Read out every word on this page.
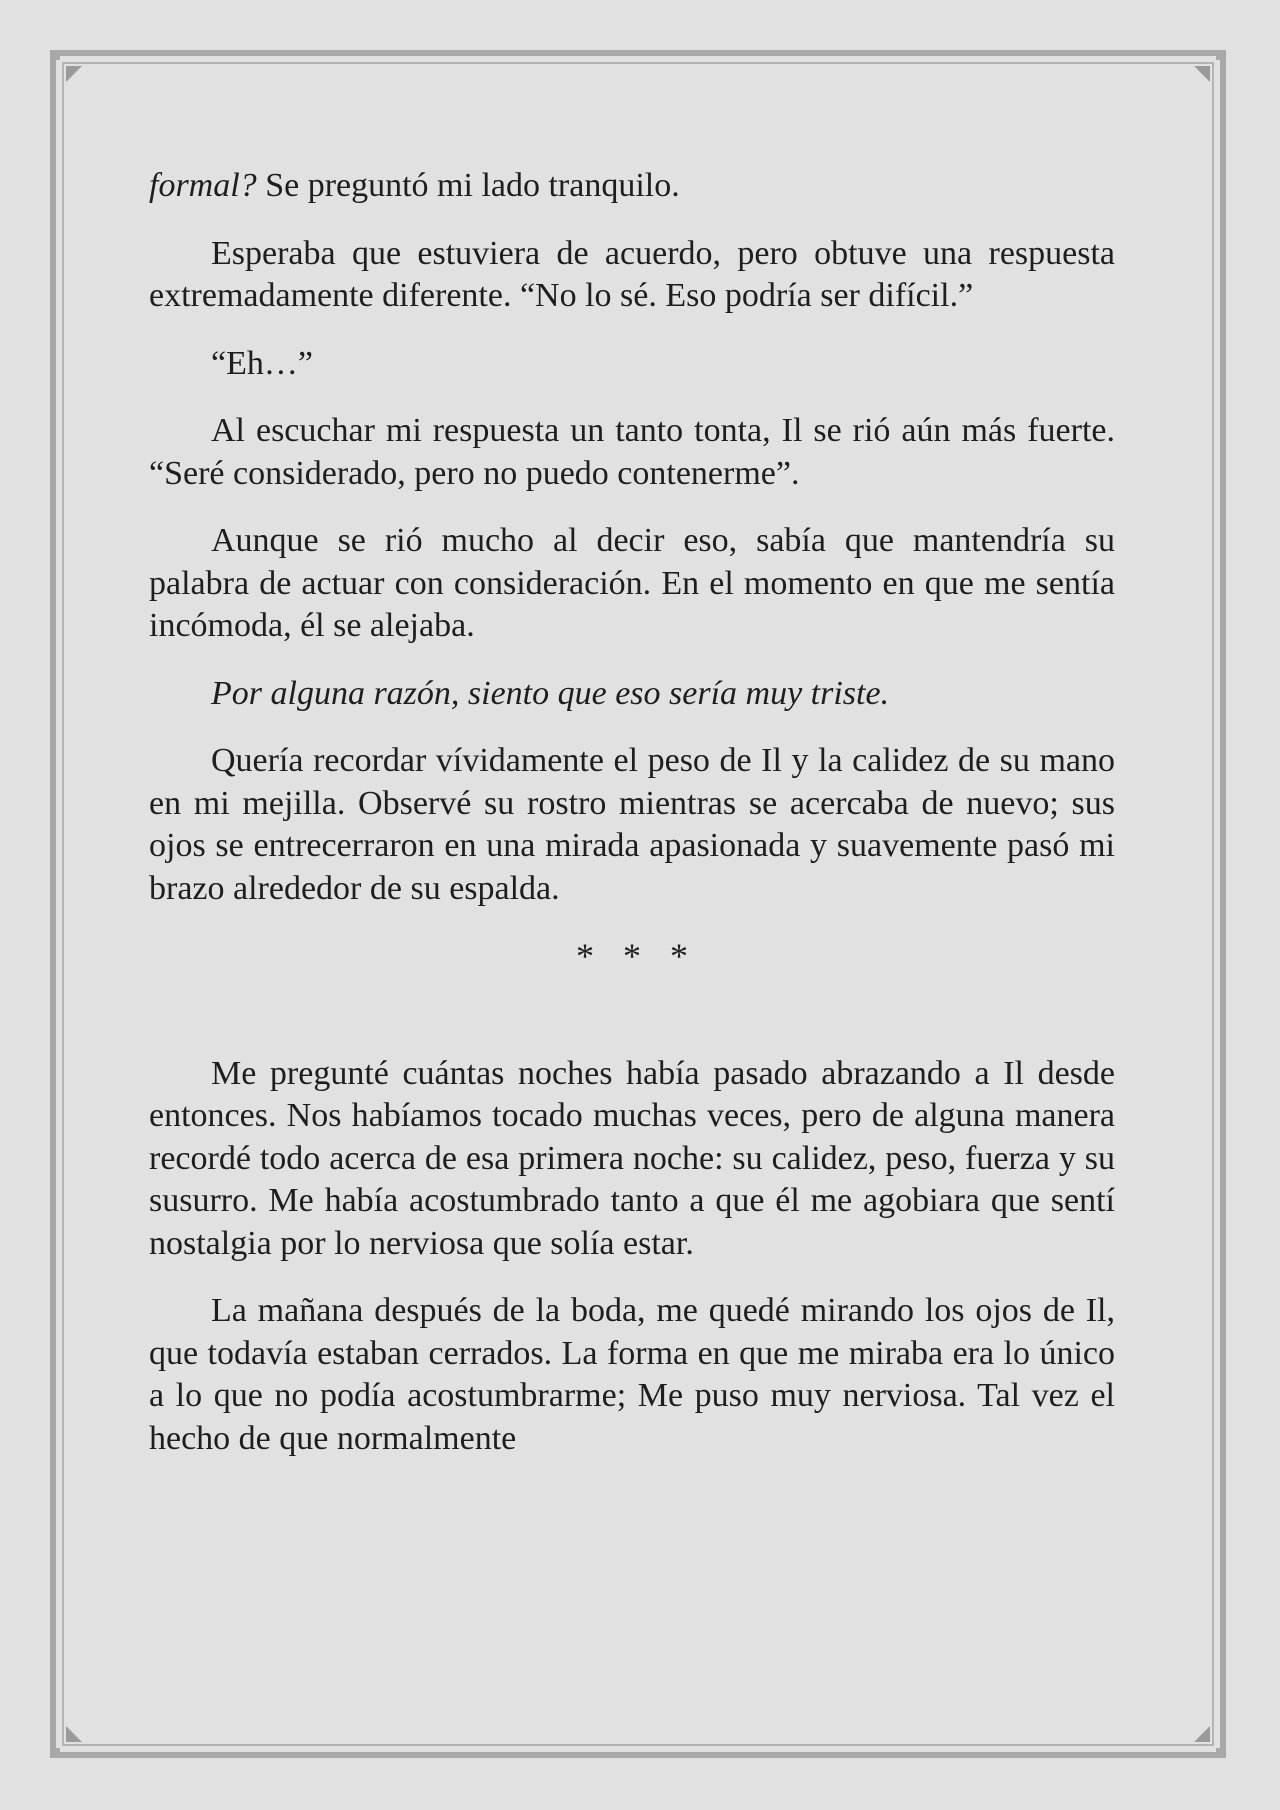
formal? Se preguntó mi lado tranquilo.

Esperaba que estuviera de acuerdo, pero obtuve una respuesta extremadamente diferente. “No lo sé. Eso podría ser difícil.”

“Eh…”

Al escuchar mi respuesta un tanto tonta, Il se rió aún más fuerte. “Seré considerado, pero no puedo contenerme”.

Aunque se rió mucho al decir eso, sabía que mantendría su palabra de actuar con consideración. En el momento en que me sentía incómoda, él se alejaba.

Por alguna razón, siento que eso sería muy triste.

Quería recordar vívidamente el peso de Il y la calidez de su mano en mi mejilla. Observé su rostro mientras se acercaba de nuevo; sus ojos se entrecerraron en una mirada apasionada y suavemente pasó mi brazo alrededor de su espalda.

* * *

Me pregunté cuántas noches había pasado abrazando a Il desde entonces. Nos habíamos tocado muchas veces, pero de alguna manera recordé todo acerca de esa primera noche: su calidez, peso, fuerza y su susurro. Me había acostumbrado tanto a que él me agobiara que sentí nostalgia por lo nerviosa que solía estar.

La mañana después de la boda, me quedé mirando los ojos de Il, que todavía estaban cerrados. La forma en que me miraba era lo único a lo que no podía acostumbrarme; Me puso muy nerviosa. Tal vez el hecho de que normalmente
